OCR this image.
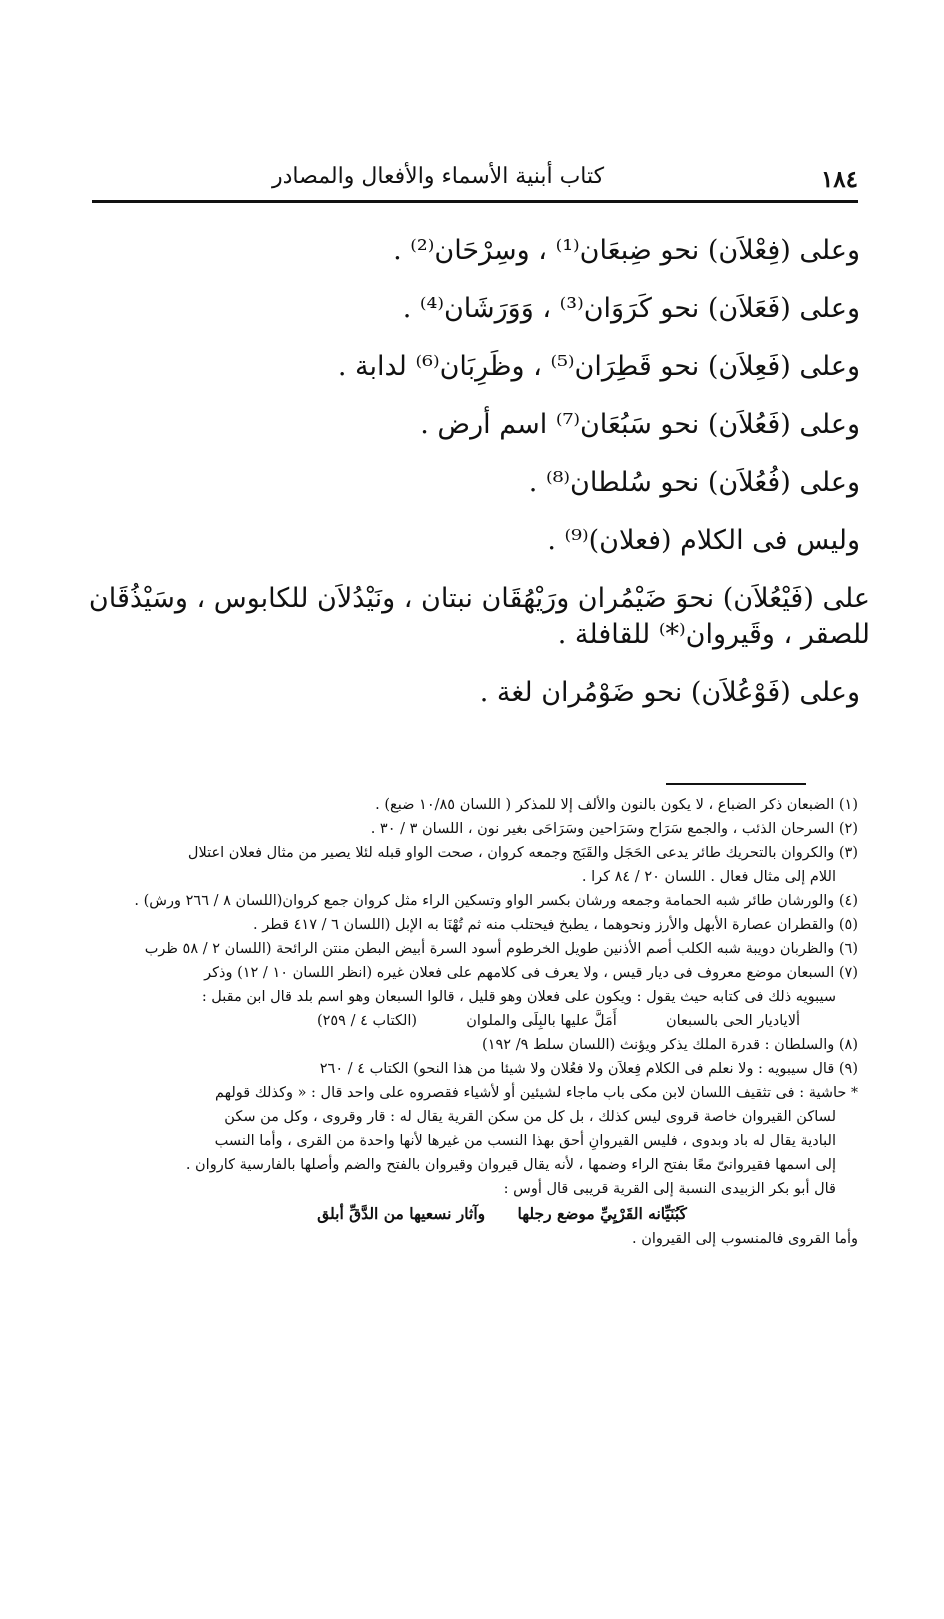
١٨٤
كتاب أبنية الأسماء والأفعال والمصادر
وعلى (فِعْلاَن) نحو ضِبعَان⁽¹⁾ ، وسِرْحَان⁽²⁾ .
وعلى (فَعَلاَن) نحو كَرَوَان⁽³⁾ ، وَوَرَشَان⁽⁴⁾ .
وعلى (فَعِلاَن) نحو قَطِرَان⁽⁵⁾ ، وظَرِبَان⁽⁶⁾ لدابة .
وعلى (فَعُلاَن) نحو سَبُعَان⁽⁷⁾ اسم أرض .
وعلى (فُعُلاَن) نحو سُلطان⁽⁸⁾ .
وليس فى الكلام (فعلان)⁽⁹⁾ .
على (فَيْعُلاَن) نحوَ ضَيْمُران ورَيْهُقَان نبتان ، ونَيْدُلاَن للكابوس ، وسَيْذُقَان
للصقر ، وقَيروان⁽*⁾ للقافلة .
وعلى (فَوْعُلاَن) نحو ضَوْمُران لغة .
(١) الضبعان ذكر الضباع ، لا يكون بالنون والألف إلا للمذكر ( اللسان ١٠/٨٥ ضبع) .
(٢) السرحان الذئب ، والجمع سَرَاح وسَرَاحين وسَرَاحَى بغير نون ، اللسان ٣ / ٣٠ .
(٣) والكروان بالتحريك طائر يدعى الحَجَل والقَبَج وجمعه كروان ، صحت الواو قبله لئلا يصير من مثال فعلان اعتلال
اللام إلى مثال فعال . اللسان ٢٠ / ٨٤ كرا .
(٤) والورشان طائر شبه الحمامة وجمعه ورشان بكسر الواو وتسكين الراء مثل كروان جمع كروان(اللسان ٨ / ٢٦٦ ورش) .
(٥) والقطران عصارة الأبهل والأرز ونحوهما ، يطبخ فيحتلب منه ثم تُهْنَا به الإبل (اللسان ٦ / ٤١٧ قطر .
(٦) والظربان دويبة شبه الكلب أصم الأذنين طويل الخرطوم أسود السرة أبيض البطن منتن الرائحة (اللسان ٢ / ٥٨ ظرب
(٧) السبعان موضع معروف فى ديار قيس ، ولا يعرف فى كلامهم على فعلان غيره (انظر اللسان ١٠ / ١٢) وذكر
سيبويه ذلك فى كتابه حيث يقول : ويكون على فعلان وهو قليل ، قالوا السبعان وهو اسم بلد قال ابن مقبل :
ألاياديار الحى بالسبعان  أَمَلَّ عليها بالبِلَى والملوان  (الكتاب ٤ / ٢٥٩)
(٨) والسلطان : قدرة الملك يذكر ويؤنث (اللسان سلط ٩/ ١٩٢)
(٩) قال سيبويه : ولا نعلم فى الكلام فِعلاَن ولا فعُلان ولا شيئا من هذا النحو) الكتاب ٤ / ٢٦٠
* حاشية : فى تثقيف اللسان لابن مكى باب ماجاء لشيئين أو لأشياء فقصروه على واحد قال : « وكذلك قولهم
لساكن القيروان خاصة قروى ليس كذلك ، بل كل من سكن القرية يقال له : قار وقروى ، وكل من سكن
البادية يقال له باد وبدوى ، فليس القيروانِ أحق بهذا النسب من غيرها لأنها واحدة من القرى ، وأما النسب
إلى اسمها فقيروانىّ معًا بفتح الراء وضمها ، لأنه يقال قيروان وقيروان بالفتح والضم وأصلها بالفارسية كاروان .
قال أبو بكر الزبيدى النسبة إلى القرية قريبى قال أوس :
كَبُنَيِّانه القَرْيِيِّ موضع رجلها      وآثار نسعيها من الدَّقِّ أبلق
وأما القروى فالمنسوب إلى القيروان .
